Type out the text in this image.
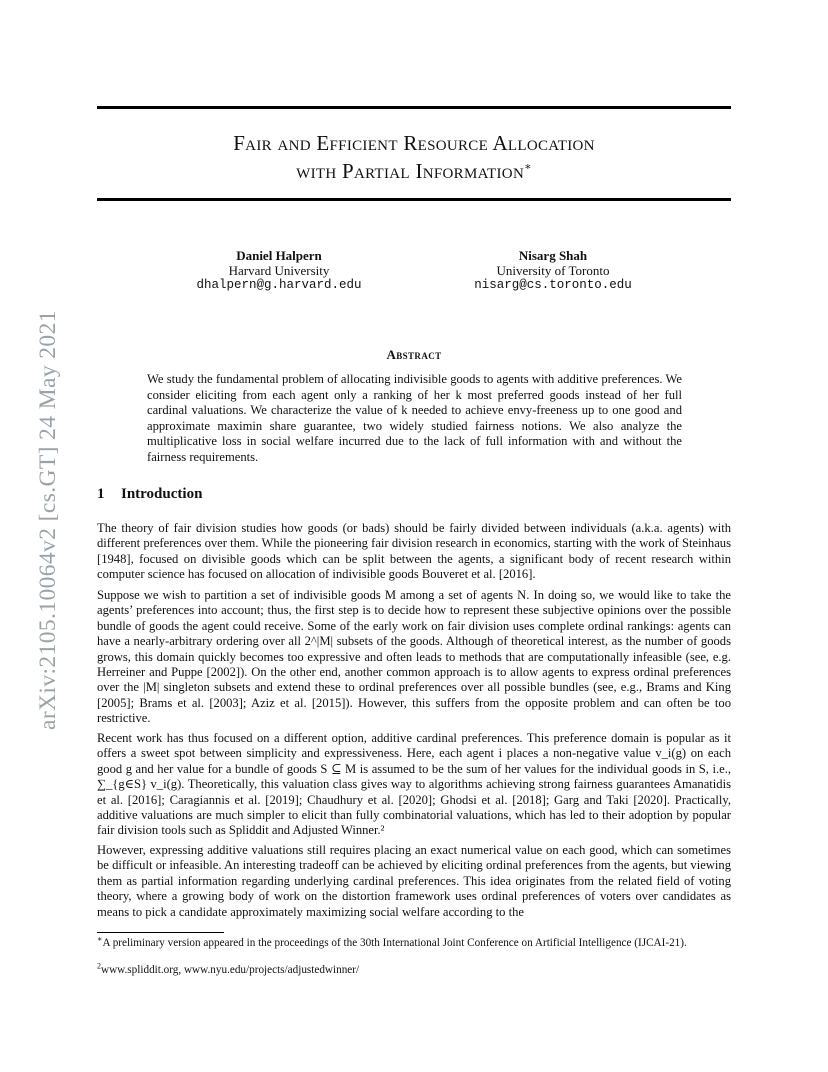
arXiv:2105.10064v2 [cs.GT] 24 May 2021
Fair and Efficient Resource Allocation
with Partial Information∗
Daniel Halpern
Harvard University
dhalpern@g.harvard.edu
Nisarg Shah
University of Toronto
nisarg@cs.toronto.edu
Abstract
We study the fundamental problem of allocating indivisible goods to agents with additive preferences. We consider eliciting from each agent only a ranking of her k most preferred goods instead of her full cardinal valuations. We characterize the value of k needed to achieve envy-freeness up to one good and approximate maximin share guarantee, two widely studied fairness notions. We also analyze the multiplicative loss in social welfare incurred due to the lack of full information with and without the fairness requirements.
1 Introduction
The theory of fair division studies how goods (or bads) should be fairly divided between individuals (a.k.a. agents) with different preferences over them. While the pioneering fair division research in economics, starting with the work of Steinhaus [1948], focused on divisible goods which can be split between the agents, a significant body of recent research within computer science has focused on allocation of indivisible goods Bouveret et al. [2016].
Suppose we wish to partition a set of indivisible goods M among a set of agents N. In doing so, we would like to take the agents’ preferences into account; thus, the first step is to decide how to represent these subjective opinions over the possible bundle of goods the agent could receive. Some of the early work on fair division uses complete ordinal rankings: agents can have a nearly-arbitrary ordering over all 2^|M| subsets of the goods. Although of theoretical interest, as the number of goods grows, this domain quickly becomes too expressive and often leads to methods that are computationally infeasible (see, e.g. Herreiner and Puppe [2002]). On the other end, another common approach is to allow agents to express ordinal preferences over the |M| singleton subsets and extend these to ordinal preferences over all possible bundles (see, e.g., Brams and King [2005]; Brams et al. [2003]; Aziz et al. [2015]). However, this suffers from the opposite problem and can often be too restrictive.
Recent work has thus focused on a different option, additive cardinal preferences. This preference domain is popular as it offers a sweet spot between simplicity and expressiveness. Here, each agent i places a non-negative value v_i(g) on each good g and her value for a bundle of goods S ⊆ M is assumed to be the sum of her values for the individual goods in S, i.e., ∑_{g∈S} v_i(g). Theoretically, this valuation class gives way to algorithms achieving strong fairness guarantees Amanatidis et al. [2016]; Caragiannis et al. [2019]; Chaudhury et al. [2020]; Ghodsi et al. [2018]; Garg and Taki [2020]. Practically, additive valuations are much simpler to elicit than fully combinatorial valuations, which has led to their adoption by popular fair division tools such as Spliddit and Adjusted Winner.²
However, expressing additive valuations still requires placing an exact numerical value on each good, which can sometimes be difficult or infeasible. An interesting tradeoff can be achieved by eliciting ordinal preferences from the agents, but viewing them as partial information regarding underlying cardinal preferences. This idea originates from the related field of voting theory, where a growing body of work on the distortion framework uses ordinal preferences of voters over candidates as means to pick a candidate approximately maximizing social welfare according to the
∗A preliminary version appeared in the proceedings of the 30th International Joint Conference on Artificial Intelligence (IJCAI-21).
$^2$www.spliddit.org, www.nyu.edu/projects/adjustedwinner/
